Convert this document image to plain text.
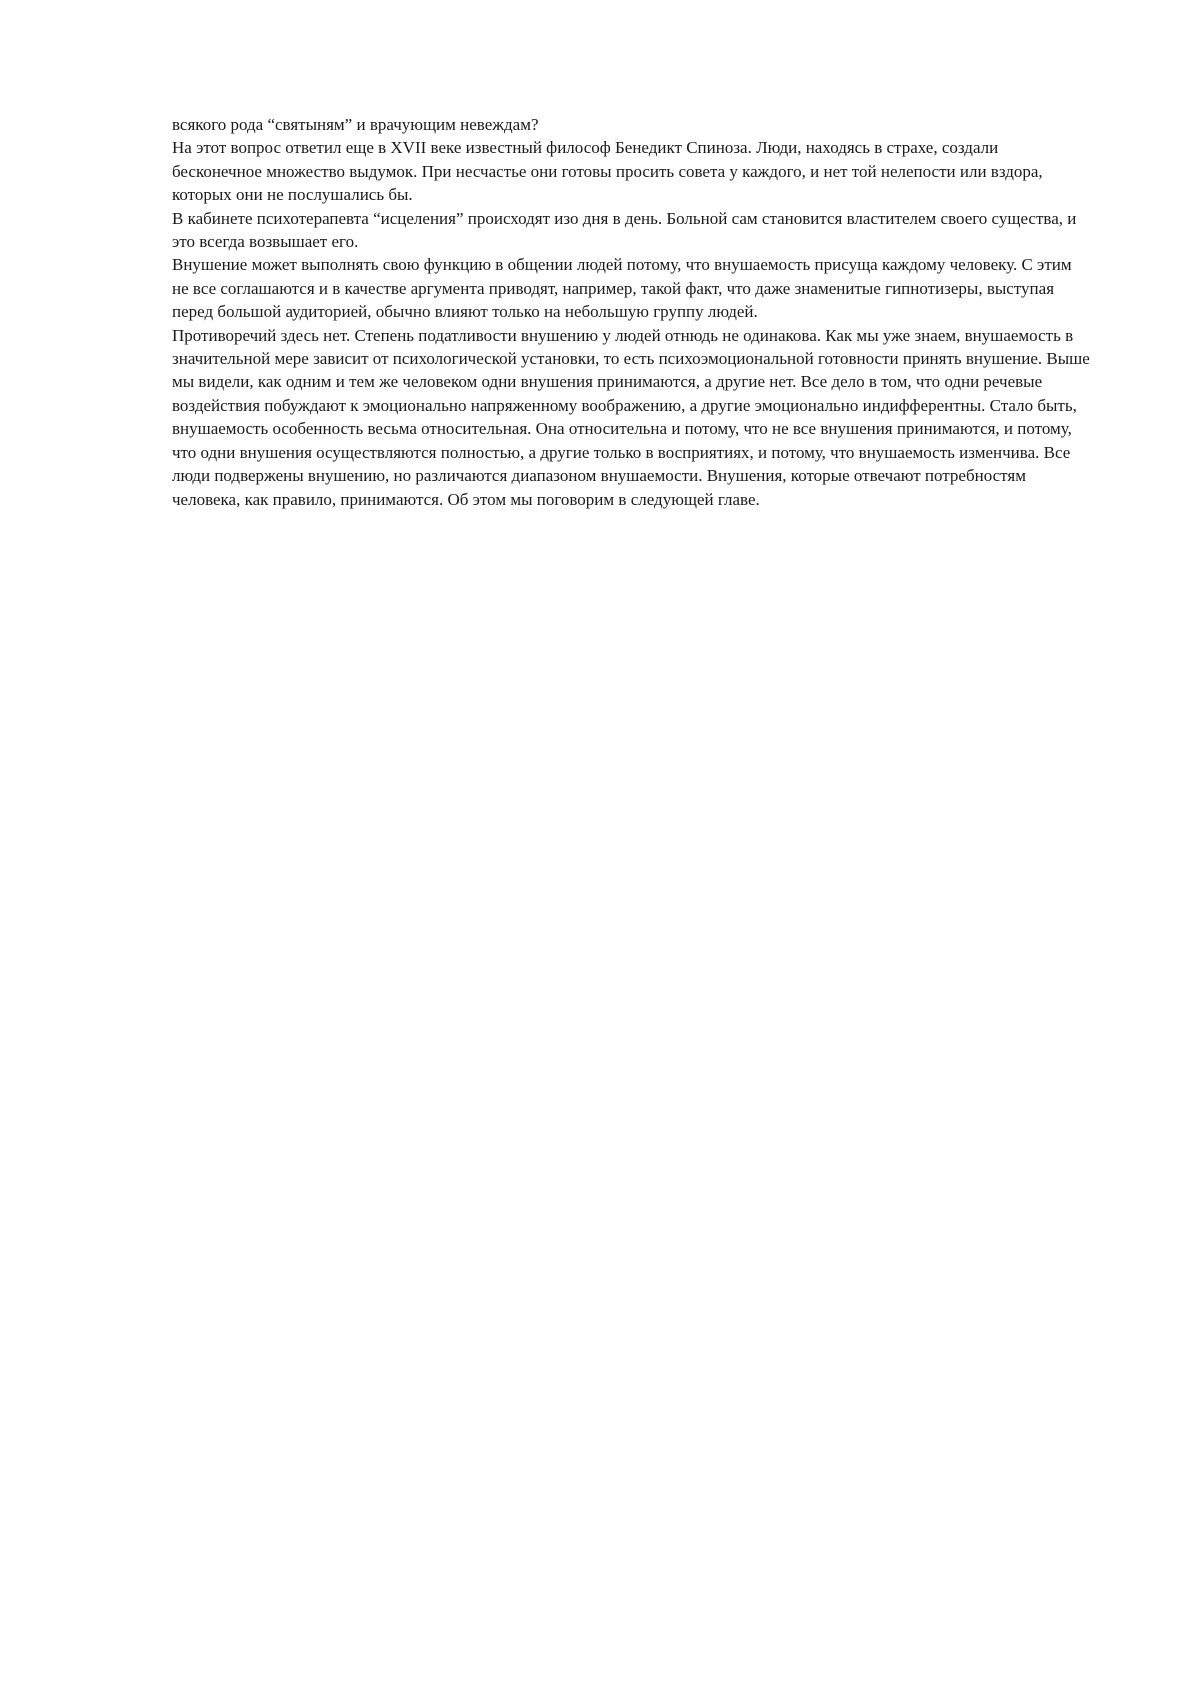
всякого рода “святыням” и врачующим невеждам?

На этот вопрос ответил еще в XVII веке известный философ Бенедикт Спиноза. Люди, находясь в страхе, создали бесконечное множество выдумок. При несчастье они готовы просить совета у каждого, и нет той нелепости или вздора, которых они не послушались бы.

В кабинете психотерапевта “исцеления” происходят изо дня в день. Больной сам становится властителем своего существа, и это всегда возвышает его.

Внушение может выполнять свою функцию в общении людей потому, что внушаемость присуща каждому человеку. С этим не все соглашаются и в качестве аргумента приводят, например, такой факт, что даже знаменитые гипнотизеры, выступая перед большой аудиторией, обычно влияют только на небольшую группу людей.

Противоречий здесь нет. Степень податливости внушению у людей отнюдь не одинакова. Как мы уже знаем, внушаемость в значительной мере зависит от психологической установки, то есть психоэмоциональной готовности принять внушение. Выше мы видели, как одним и тем же человеком одни внушения принимаются, а другие нет. Все дело в том, что одни речевые воздействия побуждают к эмоционально напряженному воображению, а другие эмоционально индифферентны. Стало быть, внушаемость особенность весьма относительная. Она относительна и потому, что не все внушения принимаются, и потому, что одни внушения осуществляются полностью, а другие только в восприятиях, и потому, что внушаемость изменчива. Все люди подвержены внушению, но различаются диапазоном внушаемости. Внушения, которые отвечают потребностям человека, как правило, принимаются. Об этом мы поговорим в следующей главе.
